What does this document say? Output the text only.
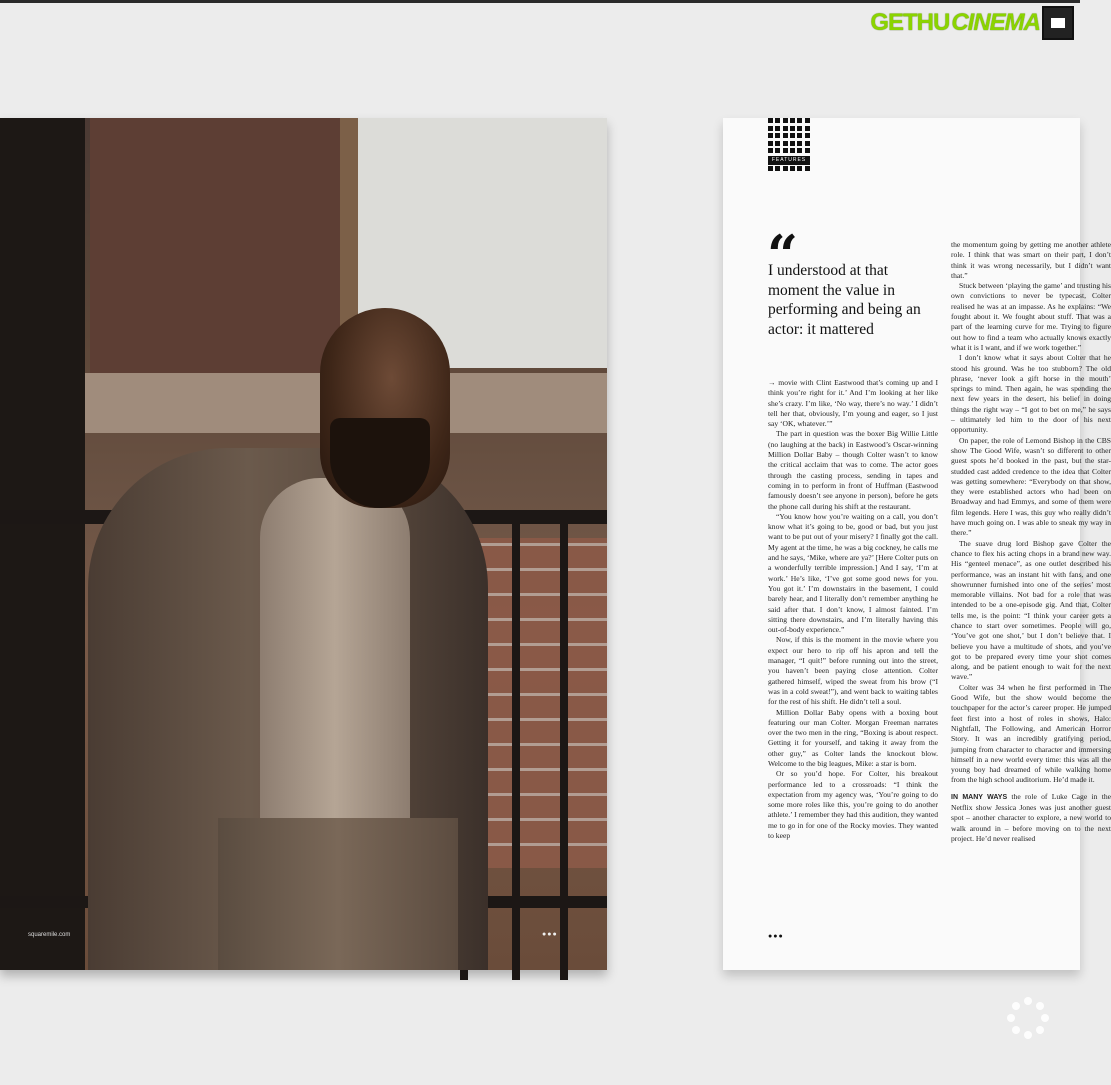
GETHU CINEMA
squaremile.com	●●●
FEATURES
“
I understood at that moment the value in performing and being an actor: it mattered

→ movie with Clint Eastwood that’s coming up and I think you’re right for it.’ And I’m looking at her like she’s crazy. I’m like, ‘No way, there’s no way.’ I didn’t tell her that, obviously, I’m young and eager, so I just say ‘OK, whatever.’”

The part in question was the boxer Big Willie Little (no laughing at the back) in Eastwood’s Oscar-winning Million Dollar Baby – though Colter wasn’t to know the critical acclaim that was to come. The actor goes through the casting process, sending in tapes and coming in to perform in front of Huffman (Eastwood famously doesn’t see anyone in person), before he gets the phone call during his shift at the restaurant.

“You know how you’re waiting on a call, you don’t know what it’s going to be, good or bad, but you just want to be put out of your misery? I finally got the call. My agent at the time, he was a big cockney, he calls me and he says, ‘Mike, where are ya?’ [Here Colter puts on a wonderfully terrible impression.] And I say, ‘I’m at work.’ He’s like, ‘I’ve got some good news for you. You got it.’ I’m downstairs in the basement, I could barely hear, and I literally don’t remember anything he said after that. I don’t know, I almost fainted. I’m sitting there downstairs, and I’m literally having this out-of-body experience.”

Now, if this is the moment in the movie where you expect our hero to rip off his apron and tell the manager, “I quit!” before running out into the street, you haven’t been paying close attention. Colter gathered himself, wiped the sweat from his brow (“I was in a cold sweat!”), and went back to waiting tables for the rest of his shift. He didn’t tell a soul.

Million Dollar Baby opens with a boxing bout featuring our man Colter. Morgan Freeman narrates over the two men in the ring, “Boxing is about respect. Getting it for yourself, and taking it away from the other guy,” as Colter lands the knockout blow. Welcome to the big leagues, Mike: a star is born.

Or so you’d hope. For Colter, his breakout performance led to a crossroads: “I think the expectation from my agency was, ‘You’re going to do some more roles like this, you’re going to do another athlete.’ I remember they had this audition, they wanted me to go in for one of the Rocky movies. They wanted to keep

the momentum going by getting me another athlete role. I think that was smart on their part, I don’t think it was wrong necessarily, but I didn’t want that.”

Stuck between ‘playing the game’ and trusting his own convictions to never be typecast, Colter realised he was at an impasse. As he explains: “We fought about it. We fought about stuff. That was a part of the learning curve for me. Trying to figure out how to find a team who actually knows exactly what it is I want, and if we work together.”

I don’t know what it says about Colter that he stood his ground. Was he too stubborn? The old phrase, ‘never look a gift horse in the mouth’ springs to mind. Then again, he was spending the next few years in the desert, his belief in doing things the right way – “I got to bet on me,” he says – ultimately led him to the door of his next opportunity.

On paper, the role of Lemond Bishop in the CBS show The Good Wife, wasn’t so different to other guest spots he’d booked in the past, but the star-studded cast added credence to the idea that Colter was getting somewhere: “Everybody on that show, they were established actors who had been on Broadway and had Emmys, and some of them were film legends. Here I was, this guy who really didn’t have much going on. I was able to sneak my way in there.”

The suave drug lord Bishop gave Colter the chance to flex his acting chops in a brand new way. His “genteel menace”, as one outlet described his performance, was an instant hit with fans, and one showrunner furnished into one of the series’ most memorable villains. Not bad for a role that was intended to be a one-episode gig. And that, Colter tells me, is the point: “I think your career gets a chance to start over sometimes. People will go, ‘You’ve got one shot,’ but I don’t believe that. I believe you have a multitude of shots, and you’ve got to be prepared every time your shot comes along, and be patient enough to wait for the next wave.”

Colter was 34 when he first performed in The Good Wife, but the show would become the touchpaper for the actor’s career proper. He jumped feet first into a host of roles in shows, Halo: Nightfall, The Following, and American Horror Story. It was an incredibly gratifying period, jumping from character to character and immersing himself in a new world every time: this was all the young boy had dreamed of while walking home from the high school auditorium. He’d made it.

IN MANY WAYS the role of Luke Cage in the Netflix show Jessica Jones was just another guest spot – another character to explore, a new world to walk around in – before moving on to the next project. He’d never realised

●●●
